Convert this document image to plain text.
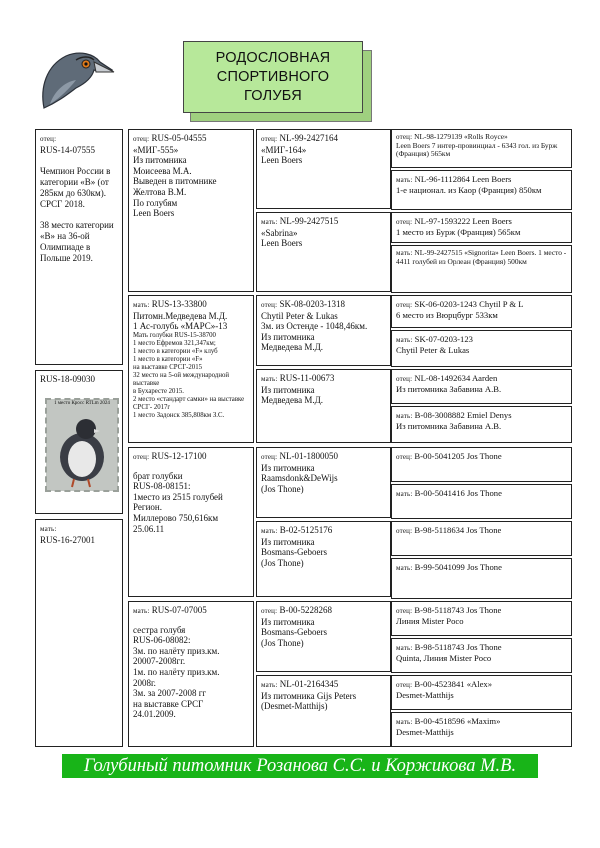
РОДОСЛОВНАЯ СПОРТИВНОГО ГОЛУБЯ
отец:
RUS-14-07555

Чемпион России в категории «В» (от 285км до 630км).
СРСГ 2018.

38 место категории «В» на 36-ой Олимпиаде в Польше 2019.
RUS-18-09030
1 место Кросс RTLm 2024
мать:
RUS-16-27001
отец: RUS-05-04555
«МИГ-555»
Из питомника
Моисеева М.А.
Выведен в питомнике
Желтова В.М.
По голубям
Leen Boers
мать: RUS-13-33800
Питомн.Медведева М.Д.
1 Ас-голубь «МАРС»-13
Мать голубки RUS-15-38700
1 место Ефремов 321,347км;
1 место в категории «F» клуб
1 место в категории «F»
на выставке СРСГ-2015
32 место на 5-ой международной выставке
в Бухаресте 2015.
2 место «стандарт самки» на выставке СРСГ- 2017г
1 место Задонск 385,808км З.С.
отец: RUS-12-17100
брат голубки
RUS-08-08151:
1место из 2515 голубей Регион.
Миллерово 750,616км
25.06.11
мать: RUS-07-07005
сестра голубя
RUS-06-08082:
3м. по налёту приз.км.
20007-2008гг.
1м. по налёту приз.км.
2008г.
3м. за 2007-2008 гг
на выставке СРСГ
24.01.2009.
отец: NL-99-2427164
«МИГ-164»
Leen Boers
мать: NL-99-2427515
«Sabrina»
Leen Boers
отец: SK-08-0203-1318
Chytil Peter & Lukas
3м. из Остенде - 1048,46км.
Из питомника
Медведева М.Д.
мать: RUS-11-00673
Из питомника
Медведева М.Д.
отец: NL-01-1800050
Из питомника
Raamsdonk&DeWijs
(Jos Thone)
мать: B-02-5125176
Из питомника
Bosmans-Geboers
(Jos Thone)
отец: B-00-5228268
Из питомника
Bosmans-Geboers
(Jos Thone)
мать: NL-01-2164345
Из питомника Gijs Peters
(Desmet-Matthijs)
отец: NL-98-1279139 «Rolls Royce»
Leen Boers 7 интер-провинциал - 6343 гол. из Бурж (Франция) 565км
мать: NL-96-1112864 Leen Boers
1-е национал. из Каор (Франция) 850км
отец: NL-97-1593222 Leen Boers
1 место из Бурж (Франция) 565км
мать: NL-99-2427515 «Signorita» Leen Boers. 1 место - 4411 голубей из Орлеан (Франция) 500км
отец: SK-06-0203-1243 Chytil P & L
6 место из Вюрцбург 533км
мать: SK-07-0203-123
Chytil Peter & Lukas
отец: NL-08-1492634 Aarden
Из питомника Забавина А.В.
мать: B-08-3008882 Emiel Denys
Из питомника Забавина А.В.
отец: B-00-5041205 Jos Thone
мать: B-00-5041416 Jos Thone
отец: B-98-5118634 Jos Thone
мать: B-99-5041099 Jos Thone
отец: B-98-5118743 Jos Thone
Линия Mister Poco
мать: B-98-5118743 Jos Thone
Quinta, Линия Mister Poco
отец: B-00-4523841 «Alex»
Desmet-Matthijs
мать: B-00-4518596 «Maxim»
Desmet-Matthijs
Голубиный питомник Розанова С.С. и Коржикова М.В.
